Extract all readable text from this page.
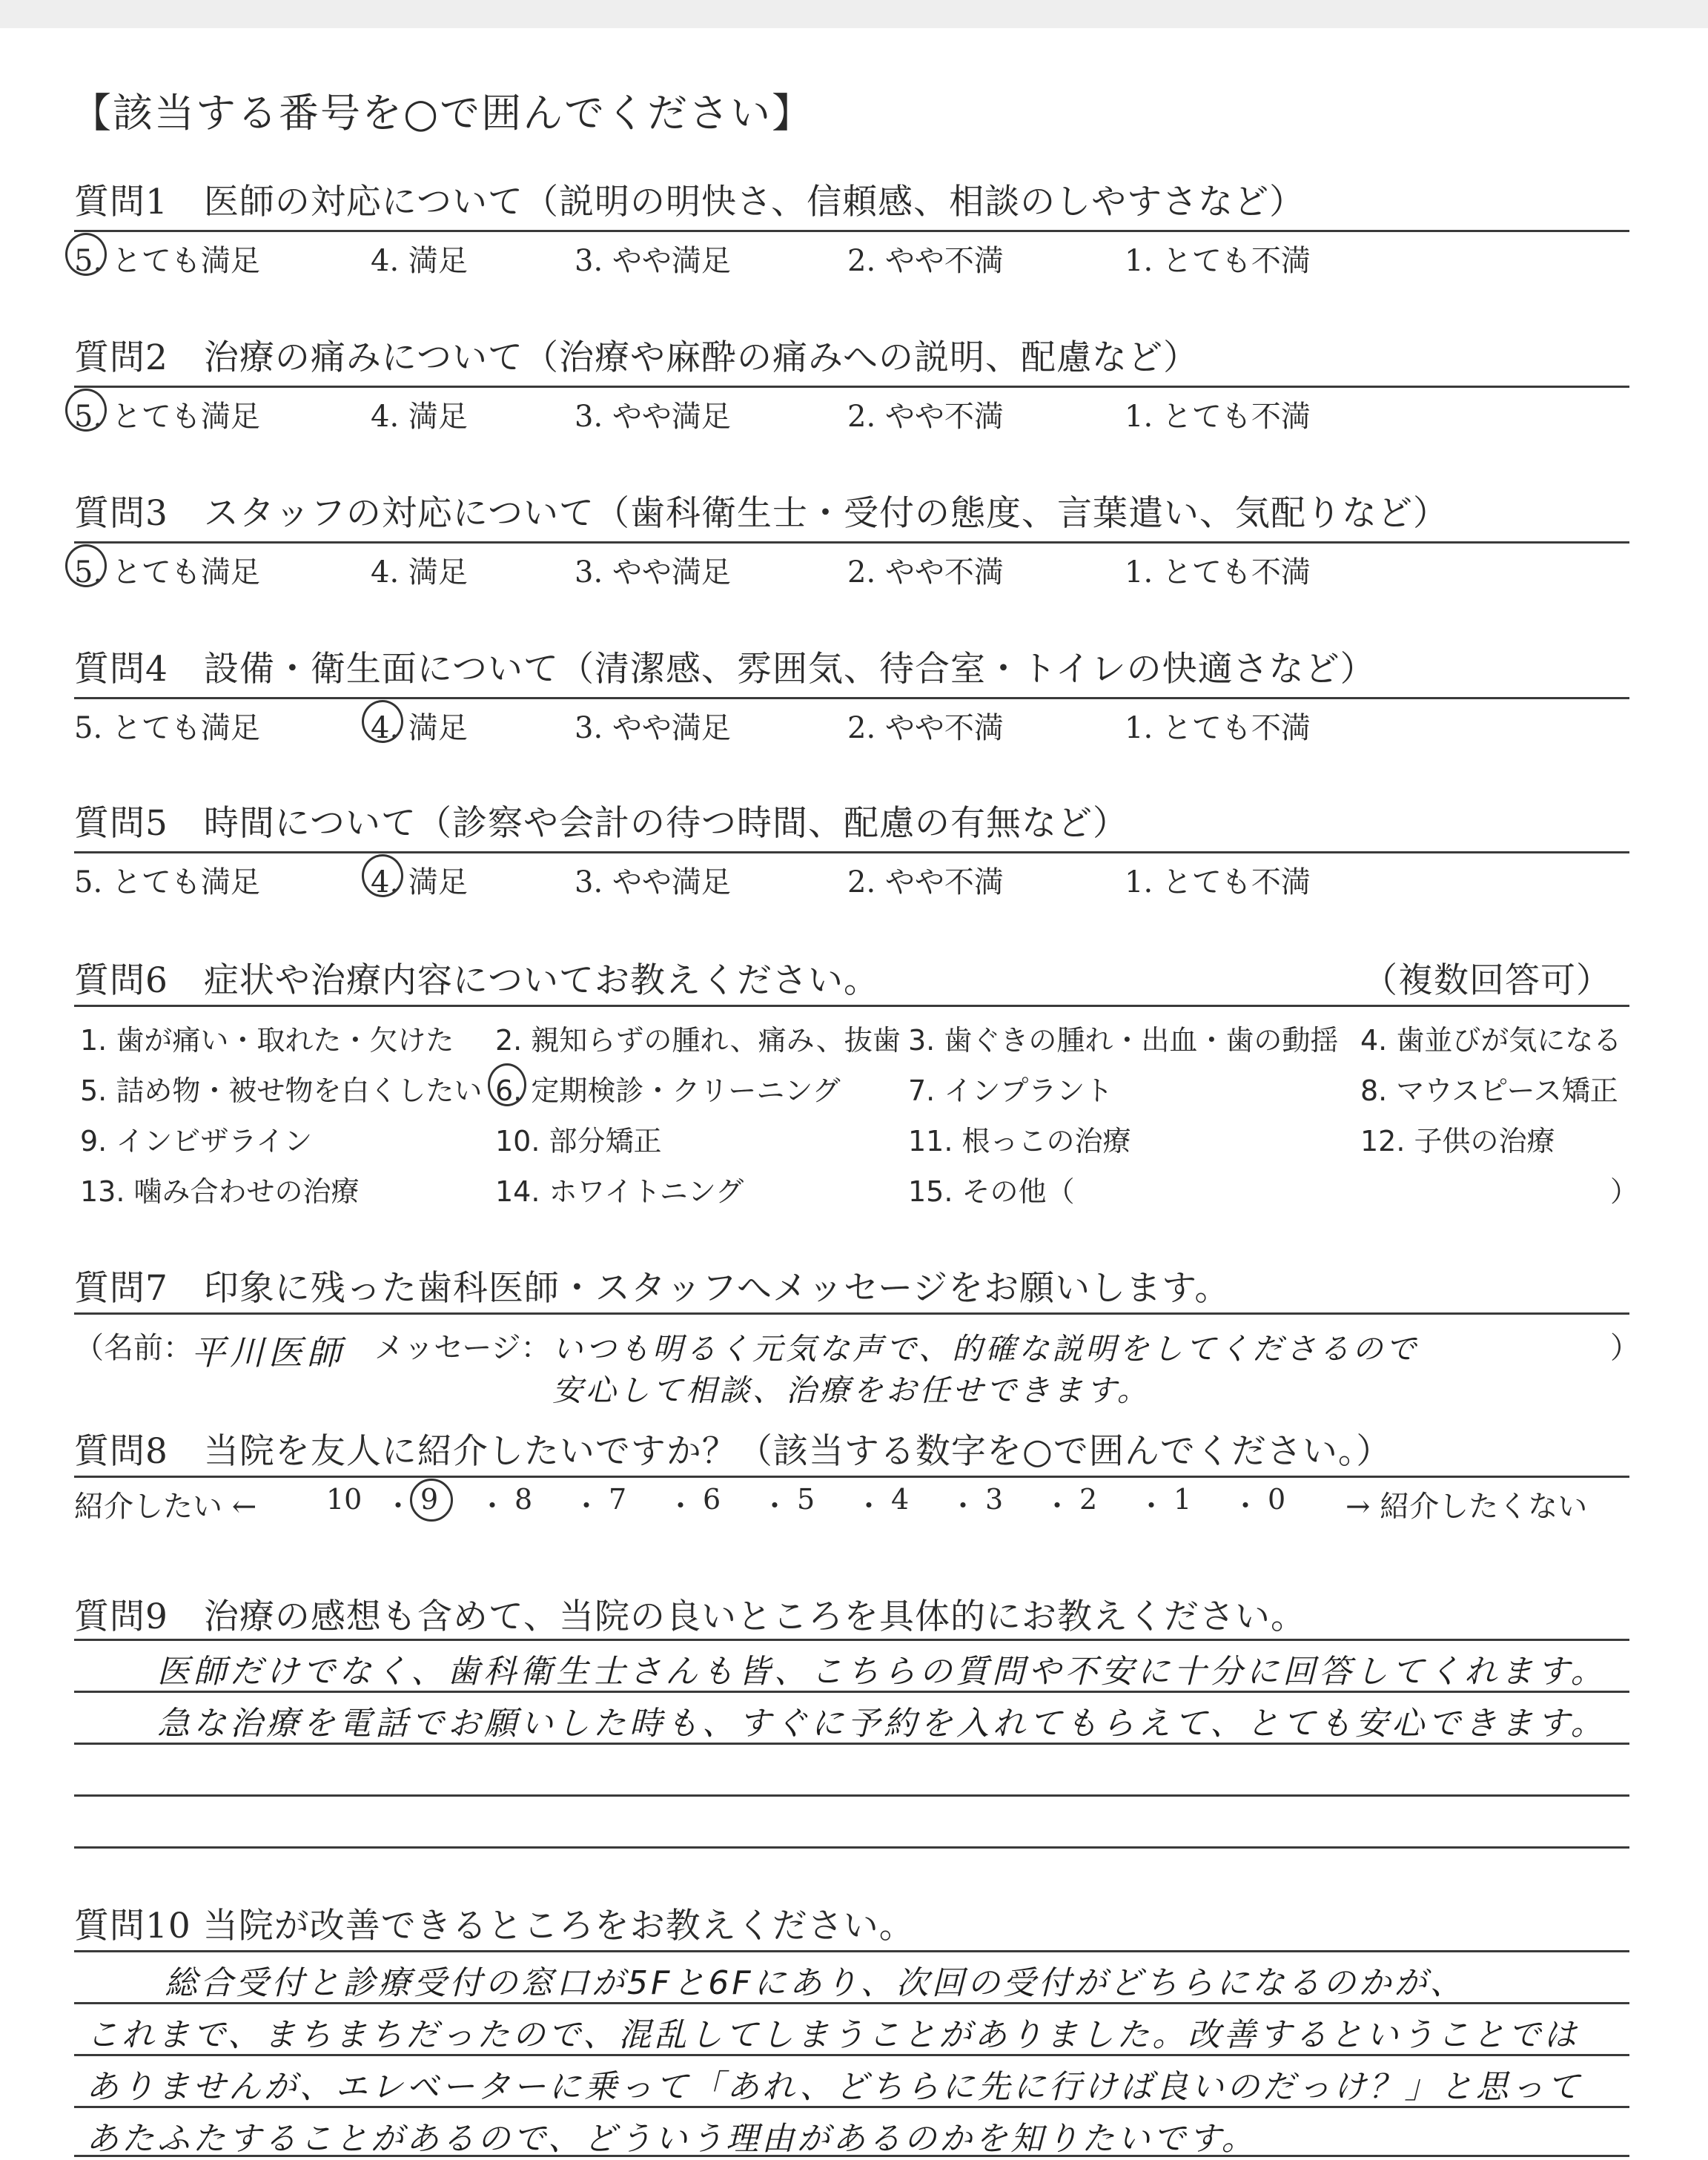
【該当する番号を○で囲んでください】
質問1　医師の対応について（説明の明快さ、信頼感、相談のしやすさなど）
5. とても満足	4. 満足	3. やや満足	2. やや不満	1. とても不満
質問2　治療の痛みについて（治療や麻酔の痛みへの説明、配慮など）
5. とても満足	4. 満足	3. やや満足	2. やや不満	1. とても不満
質問3　スタッフの対応について（歯科衛生士・受付の態度、言葉遣い、気配りなど）
5. とても満足	4. 満足	3. やや満足	2. やや不満	1. とても不満
質問4　設備・衛生面について（清潔感、雰囲気、待合室・トイレの快適さなど）
5. とても満足	4. 満足	3. やや満足	2. やや不満	1. とても不満
質問5　時間について（診察や会計の待つ時間、配慮の有無など）
5. とても満足	4. 満足	3. やや満足	2. やや不満	1. とても不満
質問6　症状や治療内容についてお教えください。	（複数回答可）
1. 歯が痛い・取れた・欠けた 2. 親知らずの腫れ、痛み、抜歯 3. 歯ぐきの腫れ・出血・歯の動揺 4. 歯並びが気になる
5. 詰め物・被せ物を白くしたい 6. 定期検診・クリーニング 7. インプラント	8. マウスピース矯正
9. インビザライン	10. 部分矯正	11. 根っこの治療	12. 子供の治療
13. 噛み合わせの治療	14. ホワイトニング	15. その他（	）
質問7　印象に残った歯科医師・スタッフへメッセージをお願いします。
（名前：
平川医師 メッセージ： いつも明るく元気な声で、的確な説明をしてくださるので
安心して相談、治療をお任せできます。
）
質問8　当院を友人に紹介したいですか？（該当する数字を○で囲んでください。）
紹介したい ←	→ 紹介したくない
10 ・ 9 ・ 8 ・ 7 ・ 6 ・ 5 ・ 4 ・ 3 ・ 2 ・ 1 ・ 0
質問9　治療の感想も含めて、当院の良いところを具体的にお教えください。
医師だけでなく、歯科衛生士さんも皆、こちらの質問や不安に十分に回答してくれます。
急な治療を電話でお願いした時も、すぐに予約を入れてもらえて、とても安心できます。
質問10 当院が改善できるところをお教えください。
総合受付と診療受付の窓口が5Fと6Fにあり、次回の受付がどちらになるのかが、
これまで、まちまちだったので、混乱してしまうことがありました。改善するということでは
ありませんが、エレベーターに乗って「あれ、どちらに先に行けば良いのだっけ？」と思って
あたふたすることがあるので、どういう理由があるのかを知りたいです。
